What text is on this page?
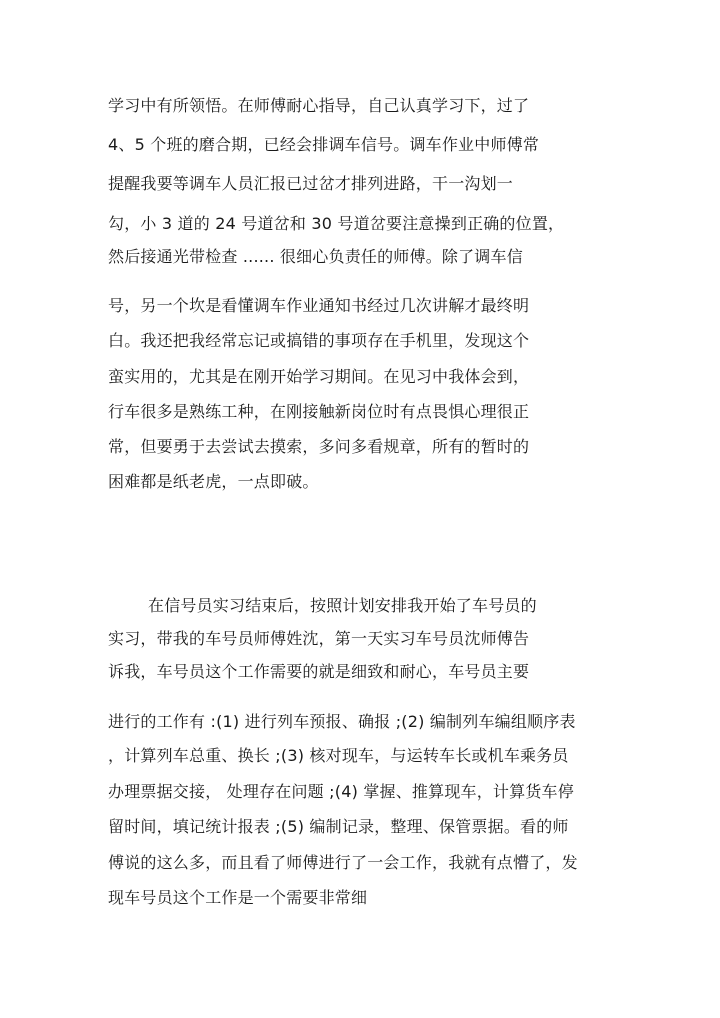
学习中有所领悟。在师傅耐心指导，自己认真学习下，过了
4、5 个班的磨合期，已经会排调车信号。调车作业中师傅常
提醒我要等调车人员汇报已过岔才排列进路，干一沟划一
勾，小 3 道的 24 号道岔和 30 号道岔要注意操到正确的位置，
然后接通光带检查 ...... 很细心负责任的师傅。除了调车信
号，另一个坎是看懂调车作业通知书经过几次讲解才最终明
白。我还把我经常忘记或搞错的事项存在手机里，发现这个
蛮实用的，尤其是在刚开始学习期间。在见习中我体会到，
行车很多是熟练工种，在刚接触新岗位时有点畏惧心理很正
常，但要勇于去尝试去摸索，多问多看规章，所有的暂时的
困难都是纸老虎，一点即破。
在信号员实习结束后，按照计划安排我开始了车号员的
实习，带我的车号员师傅姓沈，第一天实习车号员沈师傅告
诉我，车号员这个工作需要的就是细致和耐心，车号员主要
进行的工作有 :(1) 进行列车预报、确报 ;(2) 编制列车编组顺序表
，计算列车总重、换长 ;(3) 核对现车，与运转车长或机车乘务员
办理票据交接， 处理存在问题 ;(4) 掌握、推算现车，计算货车停
留时间，填记统计报表 ;(5) 编制记录，整理、保管票据。看的师
傅说的这么多，而且看了师傅进行了一会工作，我就有点懵了，发
现车号员这个工作是一个需要非常细
